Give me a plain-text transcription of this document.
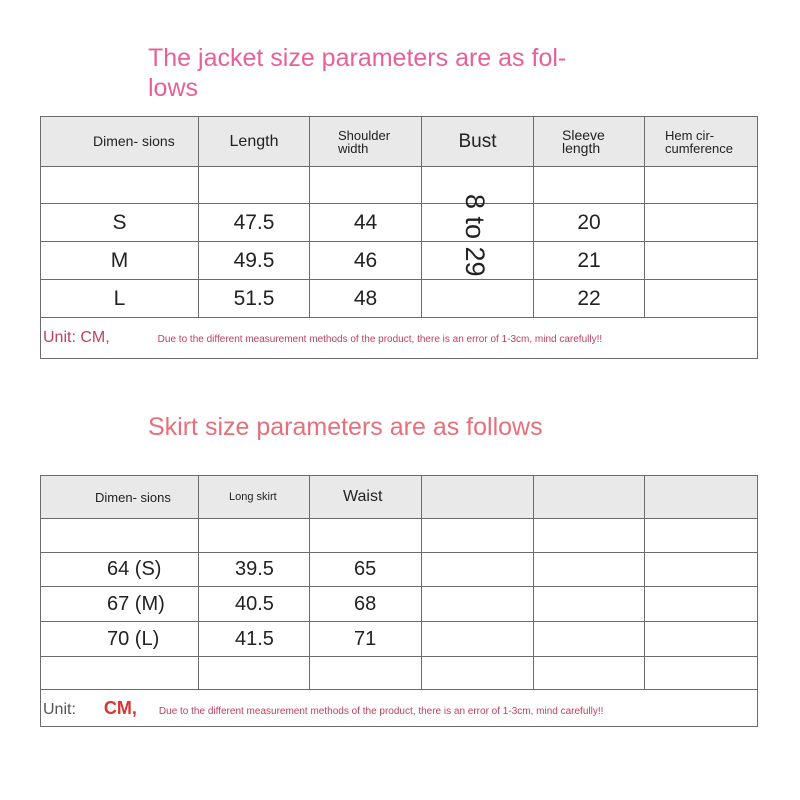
The jacket size parameters are as fol- lows
Dimen- sions	Length	Shoulder width	Bust	Sleeve length	Hem cir- cumference

S	47.5	44		20	
M	49.5	46		21	
L	51.5	48		22	
Unit: CM, Due to the different measurement methods of the product, there is an error of 1-3cm, mind carefully!!					
8 to 29
Skirt size parameters are as follows
Dimen- sions	Long skirt	Waist			

64 (S)	39.5	65			
67 (M)	40.5	68			
70 (L)	41.5	71			

Unit: CM, Due to the different measurement methods of the product, there is an error of 1-3cm, mind carefully!!					
